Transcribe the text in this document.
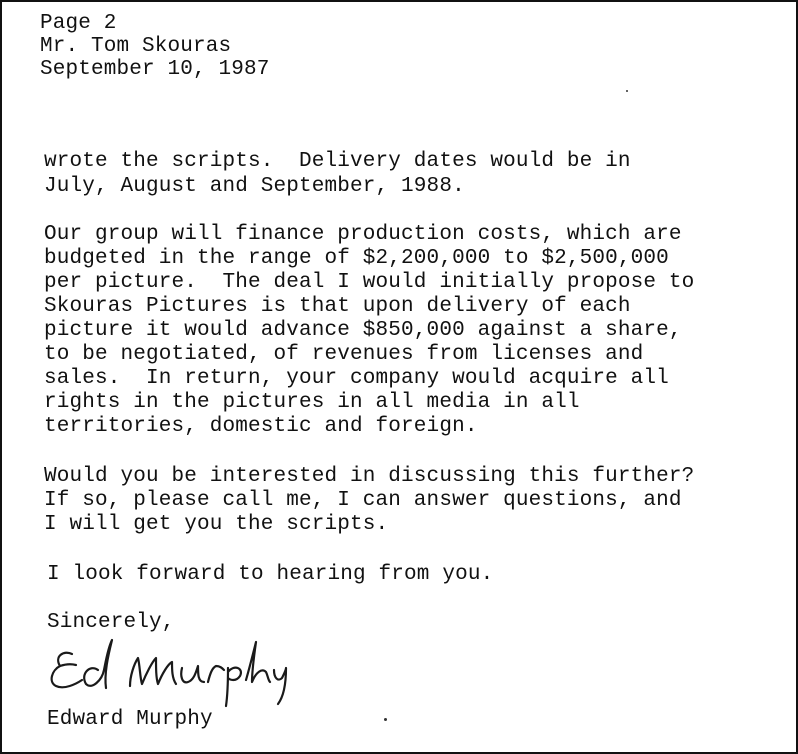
Page 2
Mr. Tom Skouras
September 10, 1987
wrote the scripts.  Delivery dates would be in
July, August and September, 1988.
Our group will finance production costs, which are
budgeted in the range of $2,200,000 to $2,500,000
per picture.  The deal I would initially propose to
Skouras Pictures is that upon delivery of each
picture it would advance $850,000 against a share,
to be negotiated, of revenues from licenses and
sales.  In return, your company would acquire all
rights in the pictures in all media in all
territories, domestic and foreign.
Would you be interested in discussing this further?
If so, please call me, I can answer questions, and
I will get you the scripts.
I look forward to hearing from you.
Sincerely,
Edward Murphy
